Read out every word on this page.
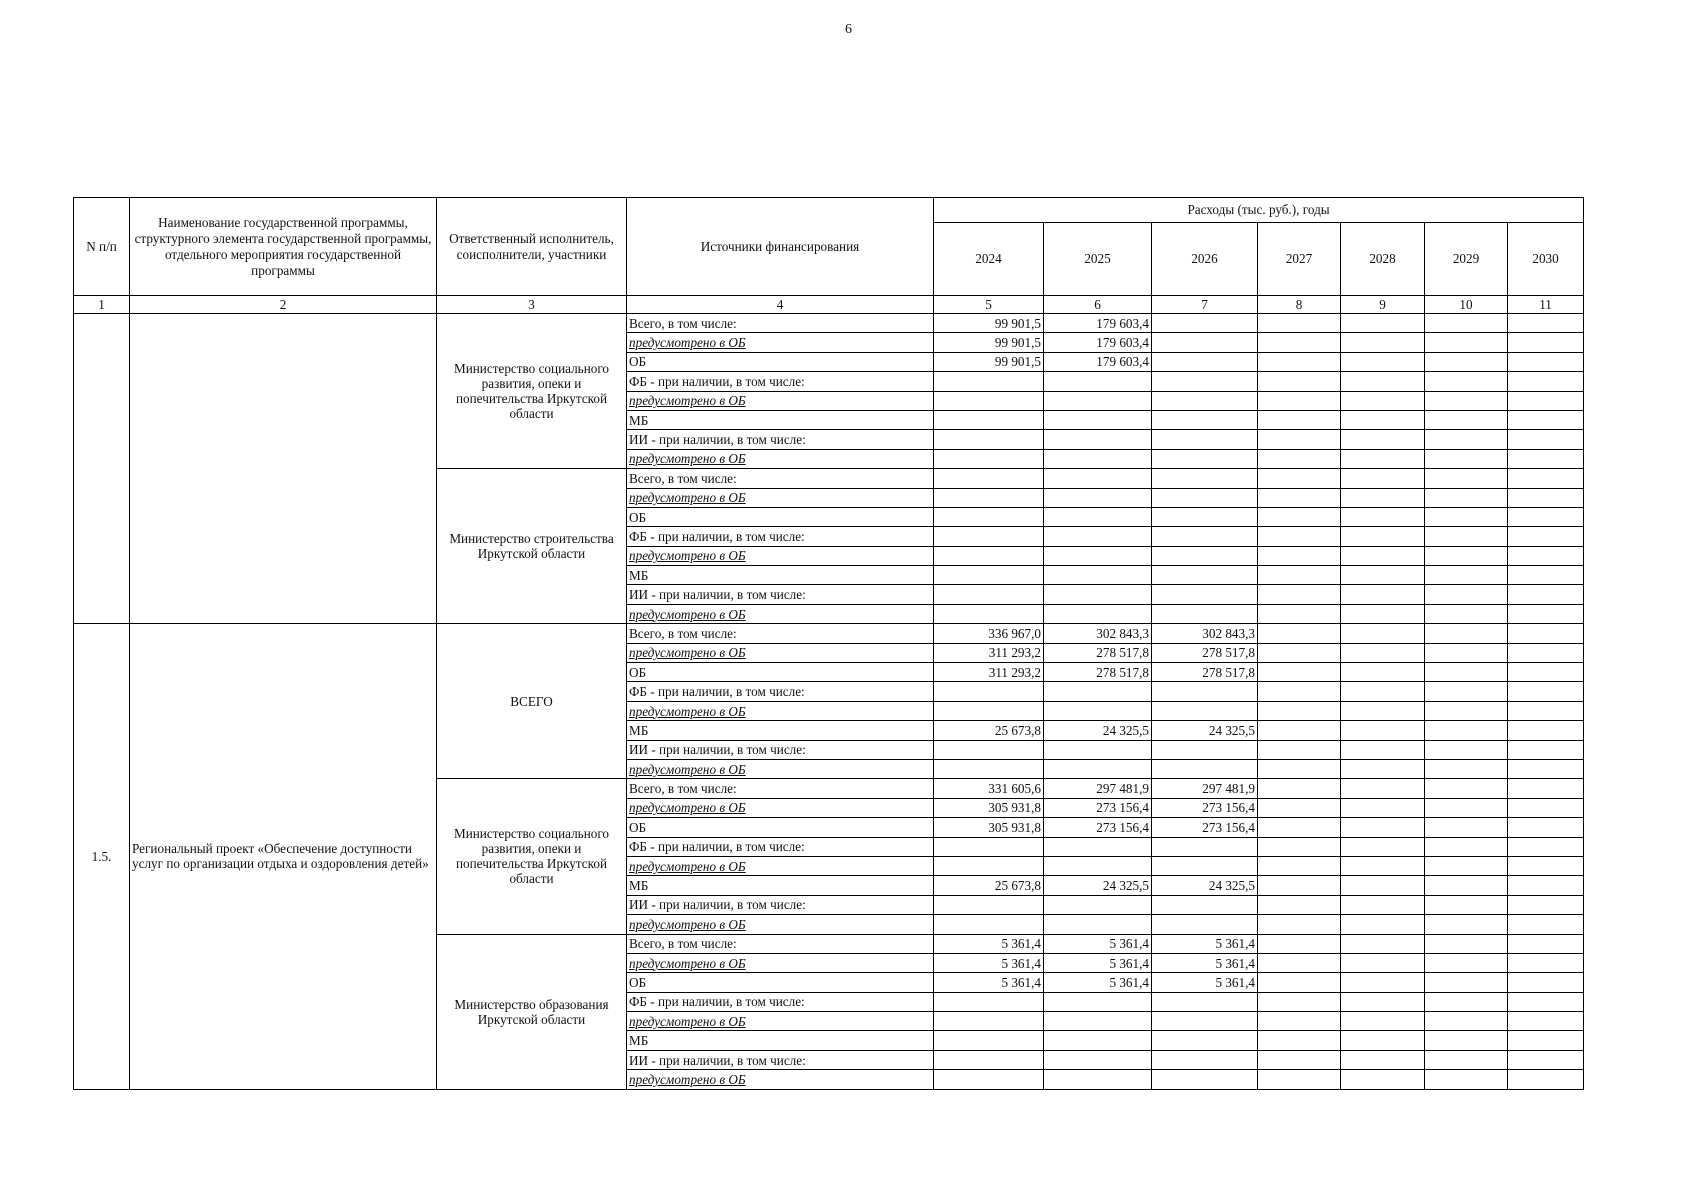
6
N п/п	Наименование государственной программы, структурного элемента государственной программы, отдельного мероприятия государственной программы	Ответственный исполнитель, соисполнители, участники	Источники финансирования	Расходы (тыс. руб.), годы						
				2024	2025	2026	2027	2028	2029	2030
1	2	3	4	5	6	7	8	9	10	11
		Министерство социального развития, опеки и попечительства Иркутской области	Всего, в том числе:	99 901,5	179 603,4					
			предусмотрено в ОБ	99 901,5	179 603,4					
			ОБ	99 901,5	179 603,4					
			ФБ - при наличии, в том числе:							
			предусмотрено в ОБ							
			МБ							
			ИИ - при наличии, в том числе:							
			предусмотрено в ОБ							
		Министерство строительства Иркутской области	Всего, в том числе:							
			предусмотрено в ОБ							
			ОБ							
			ФБ - при наличии, в том числе:							
			предусмотрено в ОБ							
			МБ							
			ИИ - при наличии, в том числе:							
			предусмотрено в ОБ							
1.5.	Региональный проект «Обеспечение доступности услуг по организации отдыха и оздоровления детей»	ВСЕГО	Всего, в том числе:	336 967,0	302 843,3	302 843,3				
			предусмотрено в ОБ	311 293,2	278 517,8	278 517,8				
			ОБ	311 293,2	278 517,8	278 517,8				
			ФБ - при наличии, в том числе:							
			предусмотрено в ОБ							
			МБ	25 673,8	24 325,5	24 325,5				
			ИИ - при наличии, в том числе:							
			предусмотрено в ОБ							
		Министерство социального развития, опеки и попечительства Иркутской области	Всего, в том числе:	331 605,6	297 481,9	297 481,9				
			предусмотрено в ОБ	305 931,8	273 156,4	273 156,4				
			ОБ	305 931,8	273 156,4	273 156,4				
			ФБ - при наличии, в том числе:							
			предусмотрено в ОБ							
			МБ	25 673,8	24 325,5	24 325,5				
			ИИ - при наличии, в том числе:							
			предусмотрено в ОБ							
		Министерство образования Иркутской области	Всего, в том числе:	5 361,4	5 361,4	5 361,4				
			предусмотрено в ОБ	5 361,4	5 361,4	5 361,4				
			ОБ	5 361,4	5 361,4	5 361,4				
			ФБ - при наличии, в том числе:							
			предусмотрено в ОБ							
			МБ							
			ИИ - при наличии, в том числе:							
			предусмотрено в ОБ							
